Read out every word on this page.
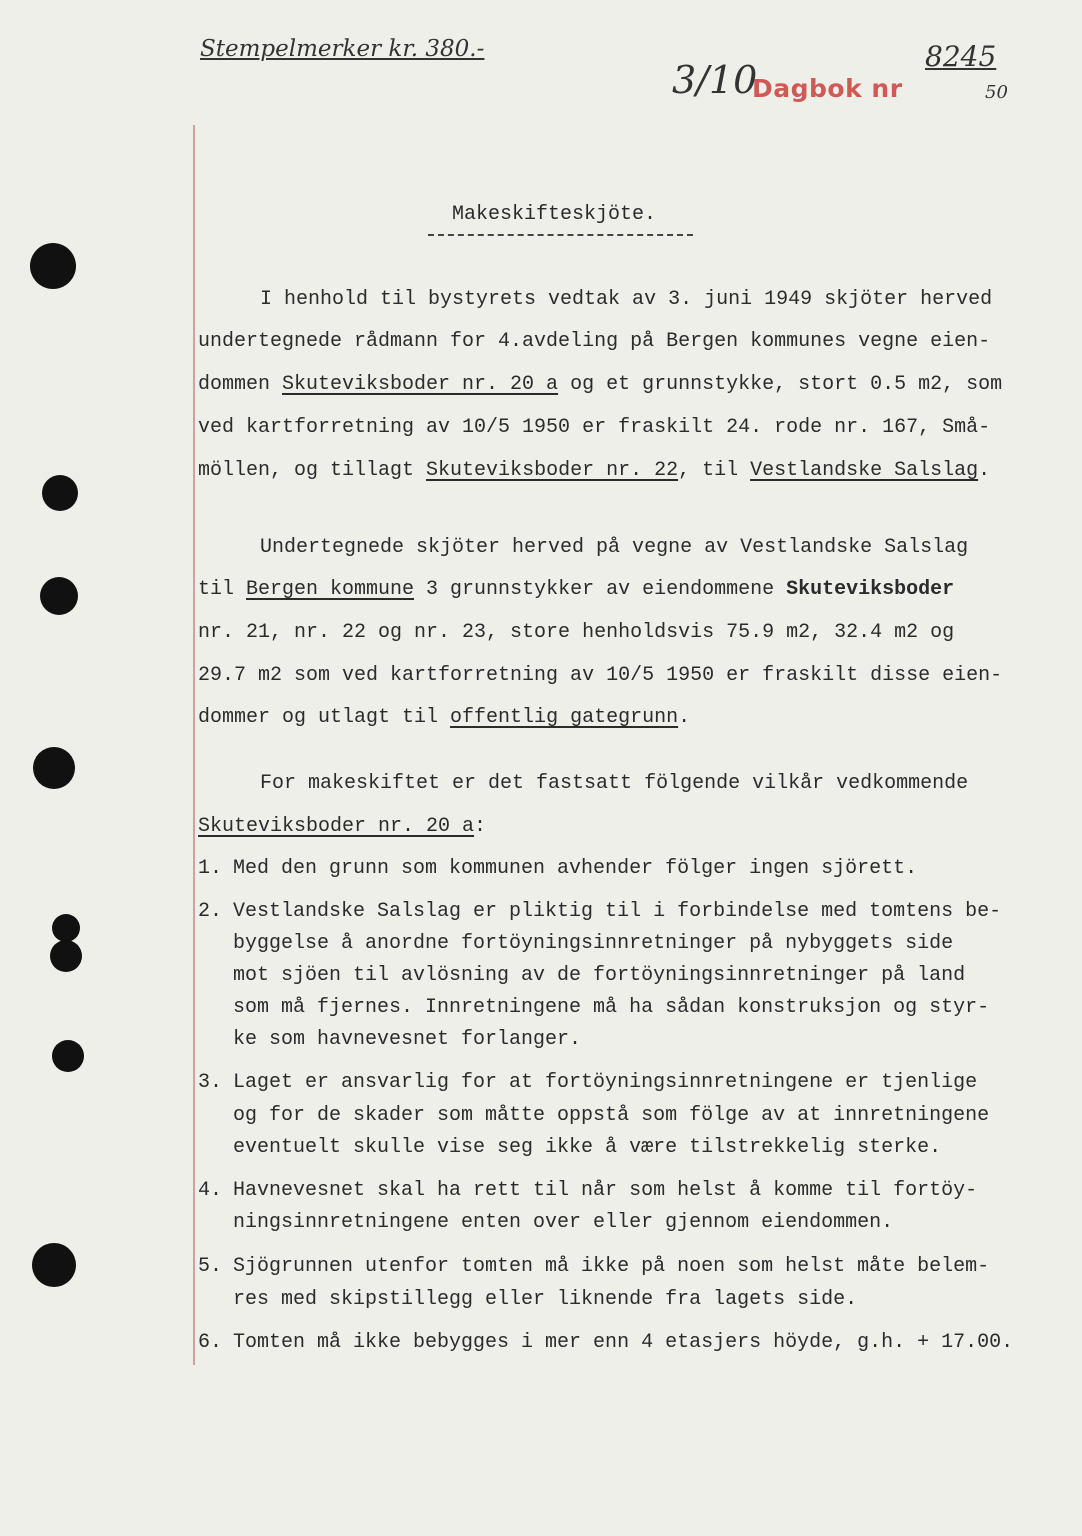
Stempelmerker kr. 380.-
3/10
Dagbok nr
8245
50
Makeskifteskjöte.
I henhold til bystyrets vedtak av 3. juni 1949 skjöter herved
undertegnede rådmann for 4.avdeling på Bergen kommunes vegne eien-
dommen Skuteviksboder nr. 20 a og et grunnstykke, stort 0.5 m2, som
ved kartforretning av 10/5 1950 er fraskilt 24. rode nr. 167, Små-
möllen, og tillagt Skuteviksboder nr. 22, til Vestlandske Salslag.
Undertegnede skjöter herved på vegne av Vestlandske Salslag
til Bergen kommune 3 grunnstykker av eiendommene Skuteviksboder
nr. 21, nr. 22 og nr. 23, store henholdsvis 75.9 m2, 32.4 m2 og
29.7 m2 som ved kartforretning av 10/5 1950 er fraskilt disse eien-
dommer og utlagt til offentlig gategrunn.
For makeskiftet er det fastsatt fölgende vilkår vedkommende
Skuteviksboder nr. 20 a:
1. Med den grunn som kommunen avhender fölger ingen sjörett.
2. Vestlandske Salslag er pliktig til i forbindelse med tomtens be-
byggelse å anordne fortöyningsinnretninger på nybyggets side
mot sjöen til avlösning av de fortöyningsinnretninger på land
som må fjernes. Innretningene må ha sådan konstruksjon og styr-
ke som havnevesnet forlanger.
3. Laget er ansvarlig for at fortöyningsinnretningene er tjenlige
og for de skader som måtte oppstå som fölge av at innretningene
eventuelt skulle vise seg ikke å være tilstrekkelig sterke.
4. Havnevesnet skal ha rett til når som helst å komme til fortöy-
ningsinnretningene enten over eller gjennom eiendommen.
5. Sjögrunnen utenfor tomten må ikke på noen som helst måte belem-
res med skipstillegg eller liknende fra lagets side.
6. Tomten må ikke bebygges i mer enn 4 etasjers höyde, g.h. + 17.00.
